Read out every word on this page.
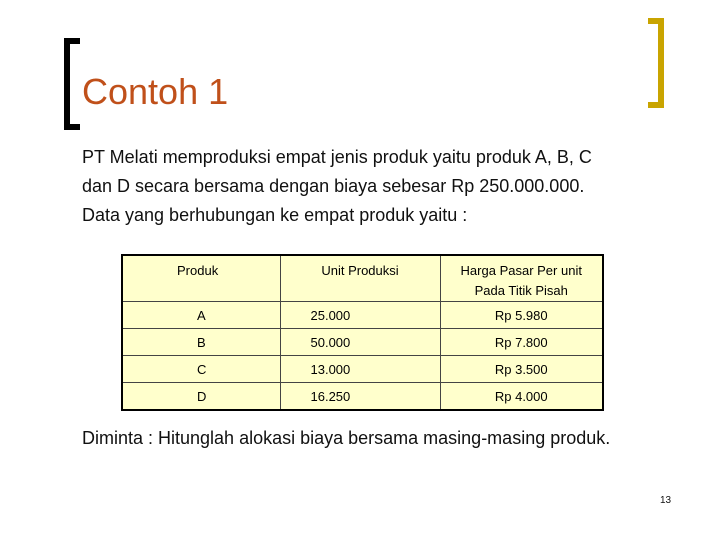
Contoh 1
PT Melati memproduksi empat jenis produk yaitu produk A, B, C
dan D secara bersama dengan biaya sebesar Rp 250.000.000.
Data yang berhubungan ke empat produk yaitu :
Produk	Unit Produksi	Harga Pasar Per unit
Pada Titik Pisah

A	25.000	Rp 5.980
B	50.000	Rp 7.800
C	13.000	Rp 3.500
D	16.250	Rp 4.000
Diminta : Hitunglah alokasi biaya bersama masing-masing produk.
13
